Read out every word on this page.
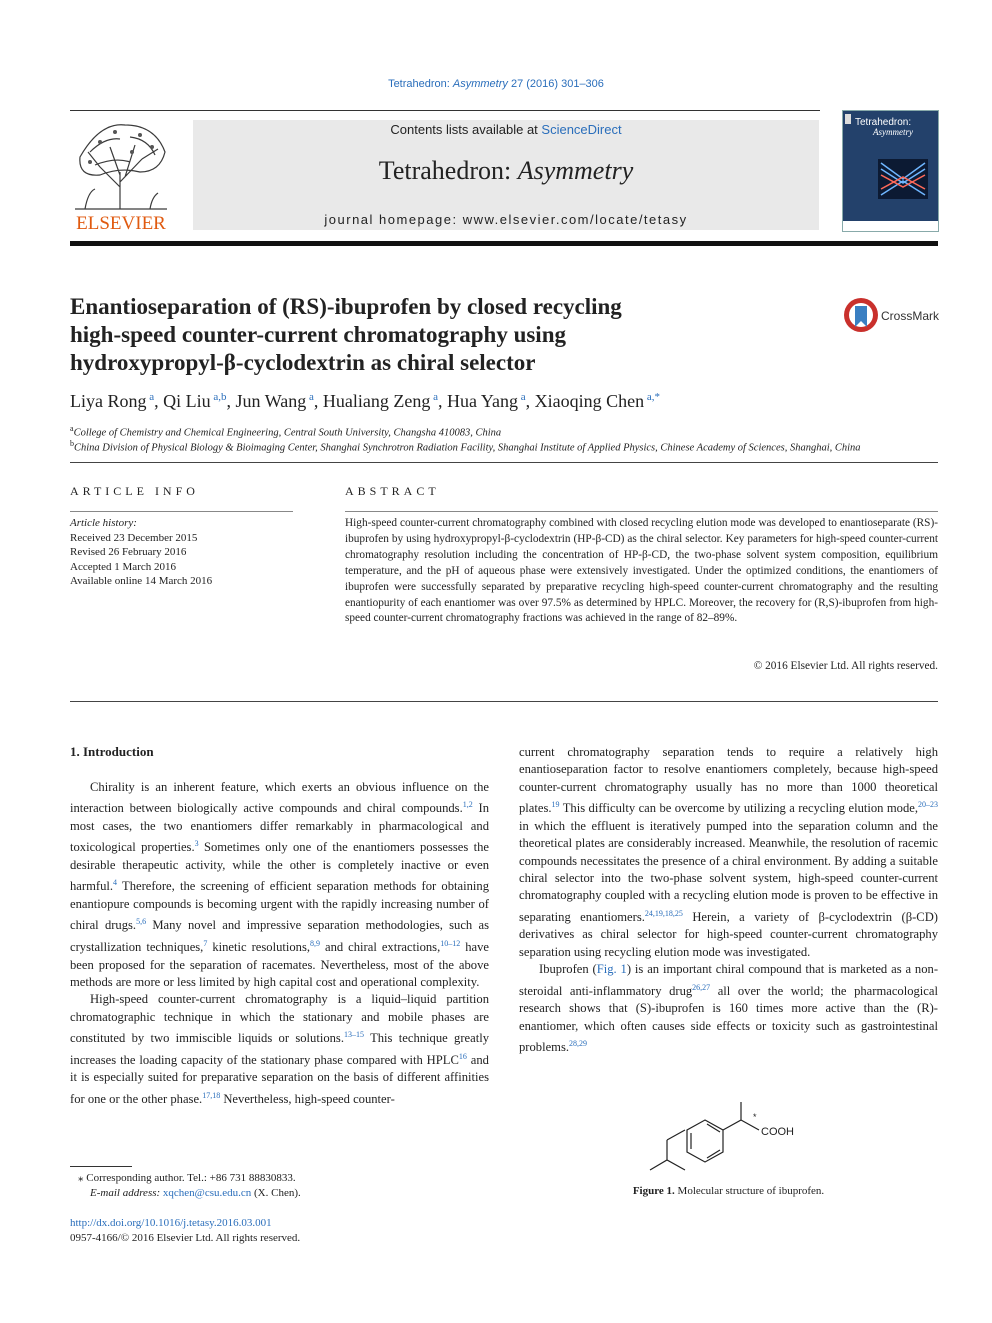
Tetrahedron: Asymmetry 27 (2016) 301–306
ELSEVIER
Contents lists available at ScienceDirect
Tetrahedron: Asymmetry
journal homepage: www.elsevier.com/locate/tetasy
Tetrahedron:
Asymmetry
Enantioseparation of (RS)-ibuprofen by closed recycling
high-speed counter-current chromatography using
hydroxypropyl-β-cyclodextrin as chiral selector
CrossMark
Liya Rong $^a$, Qi Liu $^{a,b}$, Jun Wang $^a$, Hualiang Zeng $^a$, Hua Yang $^a$, Xiaoqing Chen $^{a,*}$
$^a$College of Chemistry and Chemical Engineering, Central South University, Changsha 410083, China
$^b$China Division of Physical Biology & Bioimaging Center, Shanghai Synchrotron Radiation Facility, Shanghai Institute of Applied Physics, Chinese Academy of Sciences, Shanghai, China
ARTICLE INFO	ABSTRACT
Article history:
Received 23 December 2015
Revised 26 February 2016
Accepted 1 March 2016
Available online 14 March 2016
High-speed counter-current chromatography combined with closed recycling elution mode was developed to enantioseparate (RS)-ibuprofen by using hydroxypropyl-β-cyclodextrin (HP-β-CD) as the chiral selector. Key parameters for high-speed counter-current chromatography resolution including the concentration of HP-β-CD, the two-phase solvent system composition, equilibrium temperature, and the pH of aqueous phase were extensively investigated. Under the optimized conditions, the enantiomers of ibuprofen were successfully separated by preparative recycling high-speed counter-current chromatography and the resulting enantiopurity of each enantiomer was over 97.5% as determined by HPLC. Moreover, the recovery for (R,S)-ibuprofen from high-speed counter-current chromatography fractions was achieved in the range of 82–89%.
© 2016 Elsevier Ltd. All rights reserved.
1. Introduction

Chirality is an inherent feature, which exerts an obvious influence on the interaction between biologically active compounds and chiral compounds.$^{1,2}$ In most cases, the two enantiomers differ remarkably in pharmacological and toxicological properties.$^3$ Sometimes only one of the enantiomers possesses the desirable therapeutic activity, while the other is completely inactive or even harmful.$^4$ Therefore, the screening of efficient separation methods for obtaining enantiopure compounds is becoming urgent with the rapidly increasing number of chiral drugs.$^{5,6}$ Many novel and impressive separation methodologies, such as crystallization techniques,$^7$ kinetic resolutions,$^{8,9}$ and chiral extractions,$^{10-12}$ have been proposed for the separation of racemates. Nevertheless, most of the above methods are more or less limited by high capital cost and operational complexity.

High-speed counter-current chromatography is a liquid–liquid partition chromatographic technique in which the stationary and mobile phases are constituted by two immiscible liquids or solutions.$^{13-15}$ This technique greatly increases the loading capacity of the stationary phase compared with HPLC$^{16}$ and it is especially suited for preparative separation on the basis of different affinities for one or the other phase.$^{17,18}$ Nevertheless, high-speed counter-

current chromatography separation tends to require a relatively high enantioseparation factor to resolve enantiomers completely, because high-speed counter-current chromatography usually has no more than 1000 theoretical plates.$^{19}$ This difficulty can be overcome by utilizing a recycling elution mode,$^{20-23}$ in which the effluent is iteratively pumped into the separation column and the theoretical plates are considerably increased. Meanwhile, the resolution of racemic compounds necessitates the presence of a chiral environment. By adding a suitable chiral selector into the two-phase solvent system, high-speed counter-current chromatography coupled with a recycling elution mode is proven to be effective in separating enantiomers.$^{24,19,18,25}$ Herein, a variety of β-cyclodextrin (β-CD) derivatives as chiral selector for high-speed counter-current chromatography separation using recycling elution mode was investigated.

Ibuprofen (Fig. 1) is an important chiral compound that is marketed as a non-steroidal anti-inflammatory drug$^{26,27}$ all over the world; the pharmacological research shows that (S)-ibuprofen is 160 times more active than the (R)-enantiomer, which often causes side effects or toxicity such as gastrointestinal problems.$^{28,29}$

*
COOH
Figure 1. Molecular structure of ibuprofen.
⁎ Corresponding author. Tel.: +86 731 88830833.
E-mail address: xqchen@csu.edu.cn (X. Chen).
http://dx.doi.org/10.1016/j.tetasy.2016.03.001
0957-4166/© 2016 Elsevier Ltd. All rights reserved.
